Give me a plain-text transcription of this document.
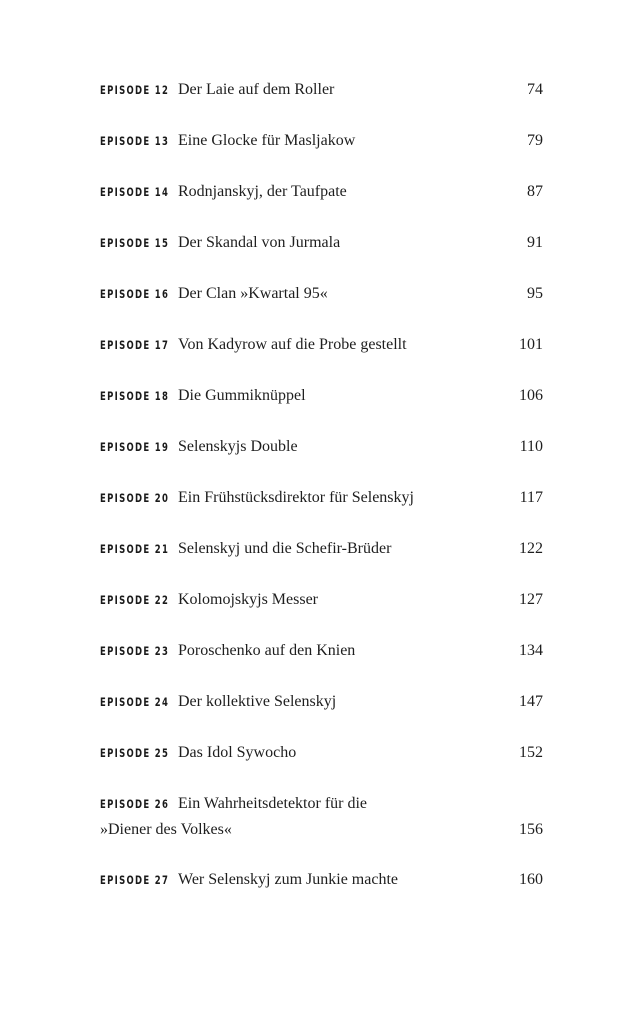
EPISODE 12 Der Laie auf dem Roller	74
EPISODE 13 Eine Glocke für Masljakow	79
EPISODE 14 Rodnjanskyj, der Taufpate	87
EPISODE 15 Der Skandal von Jurmala	91
EPISODE 16 Der Clan »Kwartal 95«	95
EPISODE 17 Von Kadyrow auf die Probe gestellt	101
EPISODE 18 Die Gummiknüppel	106
EPISODE 19 Selenskyjs Double	110
EPISODE 20 Ein Frühstücksdirektor für Selenskyj	117
EPISODE 21 Selenskyj und die Schefir-Brüder	122
EPISODE 22 Kolomojskyjs Messer	127
EPISODE 23 Poroschenko auf den Knien	134
EPISODE 24 Der kollektive Selenskyj	147
EPISODE 25 Das Idol Sywocho	152
EPISODE 26 Ein Wahrheitsdetektor für die
»Diener des Volkes«	156
EPISODE 27 Wer Selenskyj zum Junkie machte	160
